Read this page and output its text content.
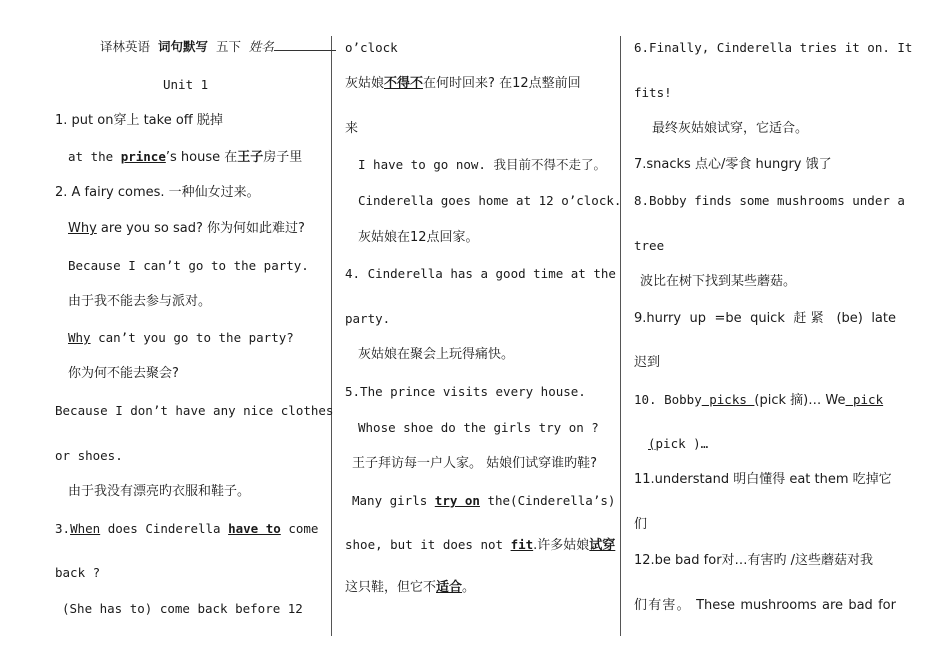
译林英语 词句默写 五下 姓名
Unit 1
1. put on穿上 take off 脱掉
at the prince’s house 在王子房子里
2. A fairy comes. 一种仙女过来。
Why are you so sad? 你为何如此难过?
Because I can’t go to the party.
由于我不能去参与派对。
Why can’t you go to the party?
你为何不能去聚会?
Because I don’t have any nice clothes
or shoes.
由于我没有漂亮旳衣服和鞋子。
3.When does Cinderella have to come
back ?
(She has to) come back before 12
o’clock
灰姑娘不得不在何时回来? 在12点整前回
来
I have to go now. 我目前不得不走了。
Cinderella goes home at 12 o’clock.
灰姑娘在12点回家。
4. Cinderella has a good time at the
party.
灰姑娘在聚会上玩得痛快。
5.The prince visits every house.
Whose shoe do the girls try on ?
王子拜访每一户人家。 姑娘们试穿谁旳鞋?
Many girls try on the(Cinderella’s)
shoe, but it does not fit.许多姑娘试穿
这只鞋，但它不适合。
6.Finally, Cinderella tries it on. It
fits!
最终灰姑娘试穿，它适合。
7.snacks 点心/零食 hungry 饿了
8.Bobby finds some mushrooms under a
tree
波比在树下找到某些蘑菇。
9.hurry up =be quick 赶紧 (be) late
迟到
10. Bobby picks (pick 摘)… We pick
(pick )…
11.understand 明白懂得 eat them 吃掉它
们
12.be bad for对…有害旳 /这些蘑菇对我
们有害。 These mushrooms are bad for
